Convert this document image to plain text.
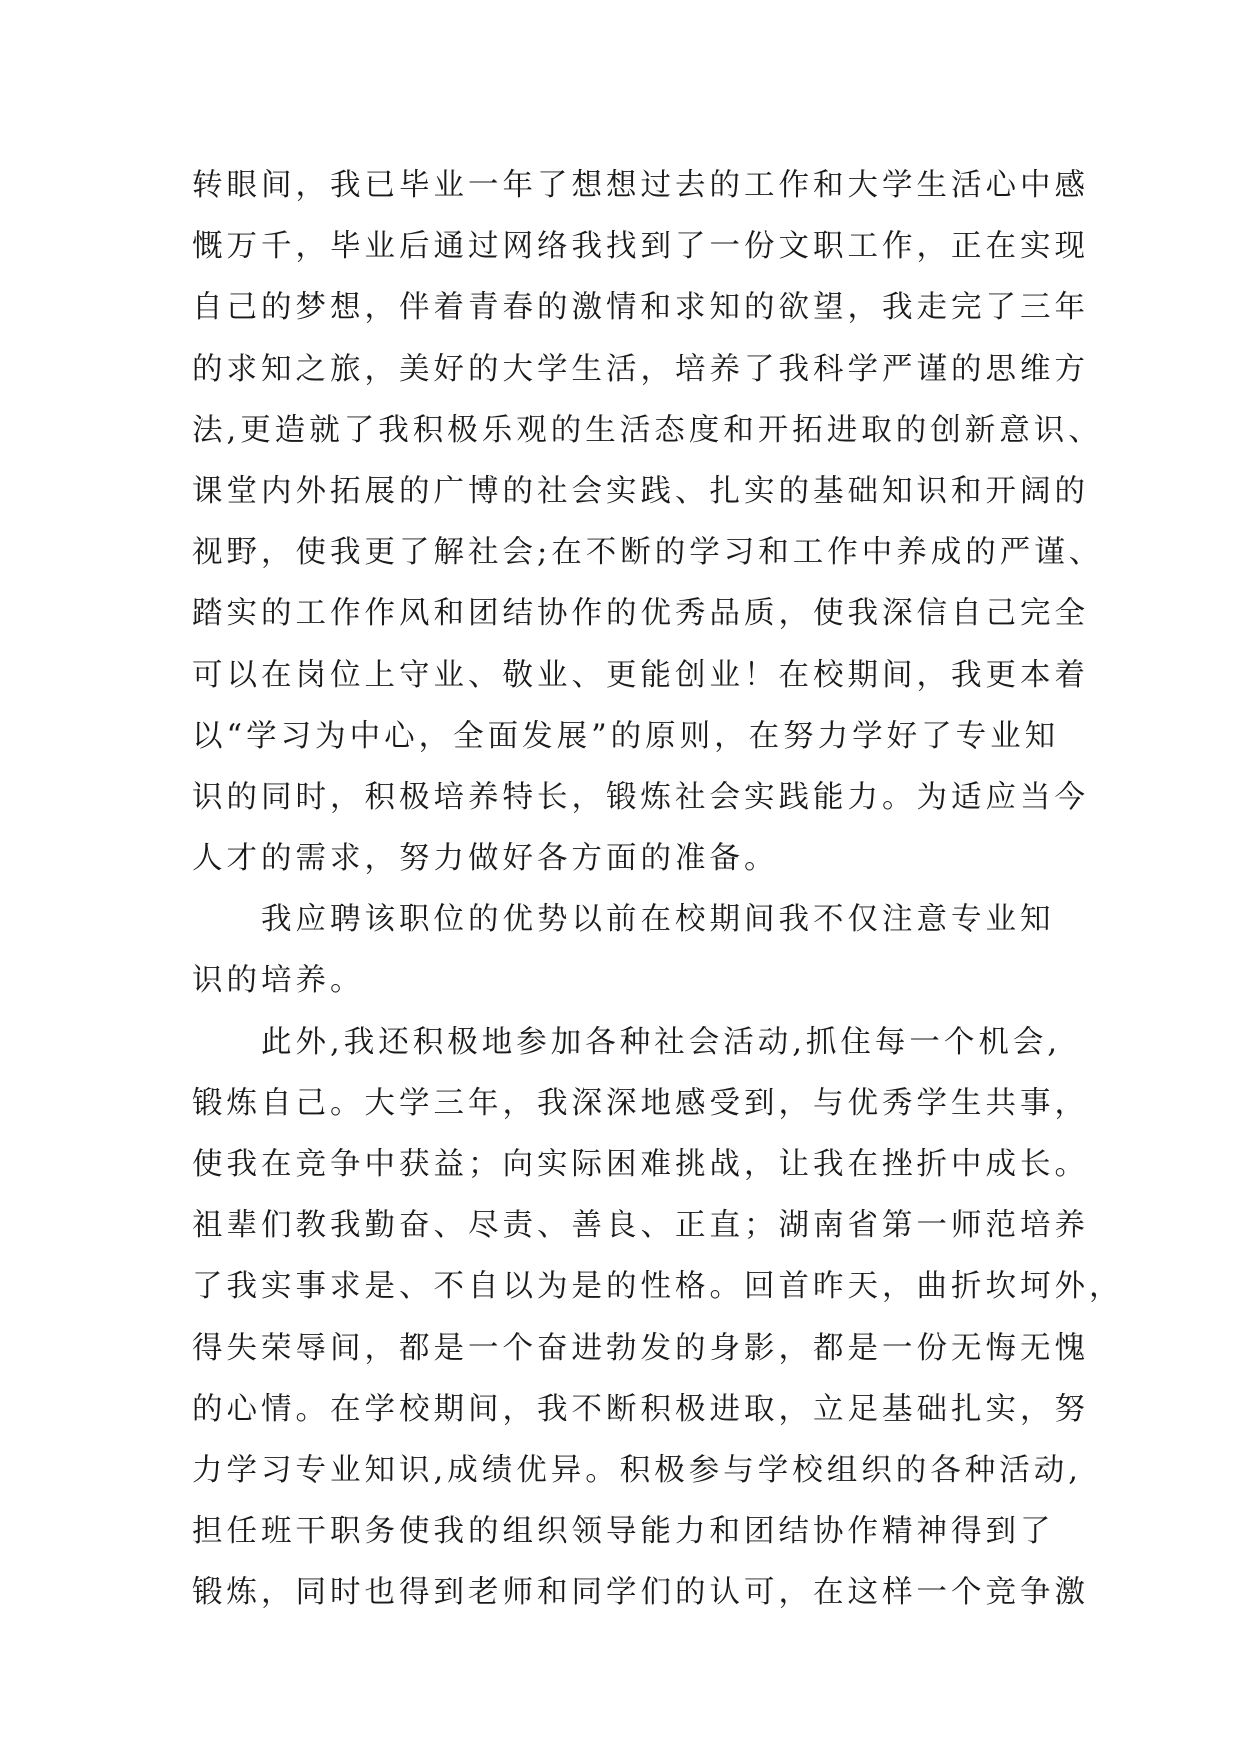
转眼间，我已毕业一年了想想过去的工作和大学生活心中感
慨万千，毕业后通过网络我找到了一份文职工作，正在实现
自己的梦想，伴着青春的激情和求知的欲望，我走完了三年
的求知之旅，美好的大学生活，培养了我科学严谨的思维方
法,更造就了我积极乐观的生活态度和开拓进取的创新意识、
课堂内外拓展的广博的社会实践、扎实的基础知识和开阔的
视野，使我更了解社会;在不断的学习和工作中养成的严谨、
踏实的工作作风和团结协作的优秀品质，使我深信自己完全
可以在岗位上守业、敬业、更能创业！在校期间，我更本着
以“学习为中心，全面发展”的原则，在努力学好了专业知
识的同时，积极培养特长，锻炼社会实践能力。为适应当今
人才的需求，努力做好各方面的准备。
　　我应聘该职位的优势以前在校期间我不仅注意专业知
识的培养。
　　此外,我还积极地参加各种社会活动,抓住每一个机会,
锻炼自己。大学三年，我深深地感受到，与优秀学生共事，
使我在竞争中获益；向实际困难挑战，让我在挫折中成长。
祖辈们教我勤奋、尽责、善良、正直；湖南省第一师范培养
了我实事求是、不自以为是的性格。回首昨天，曲折坎坷外，
得失荣辱间，都是一个奋进勃发的身影，都是一份无悔无愧
的心情。在学校期间，我不断积极进取，立足基础扎实，努
力学习专业知识,成绩优异。积极参与学校组织的各种活动,
担任班干职务使我的组织领导能力和团结协作精神得到了
锻炼，同时也得到老师和同学们的认可，在这样一个竞争激
